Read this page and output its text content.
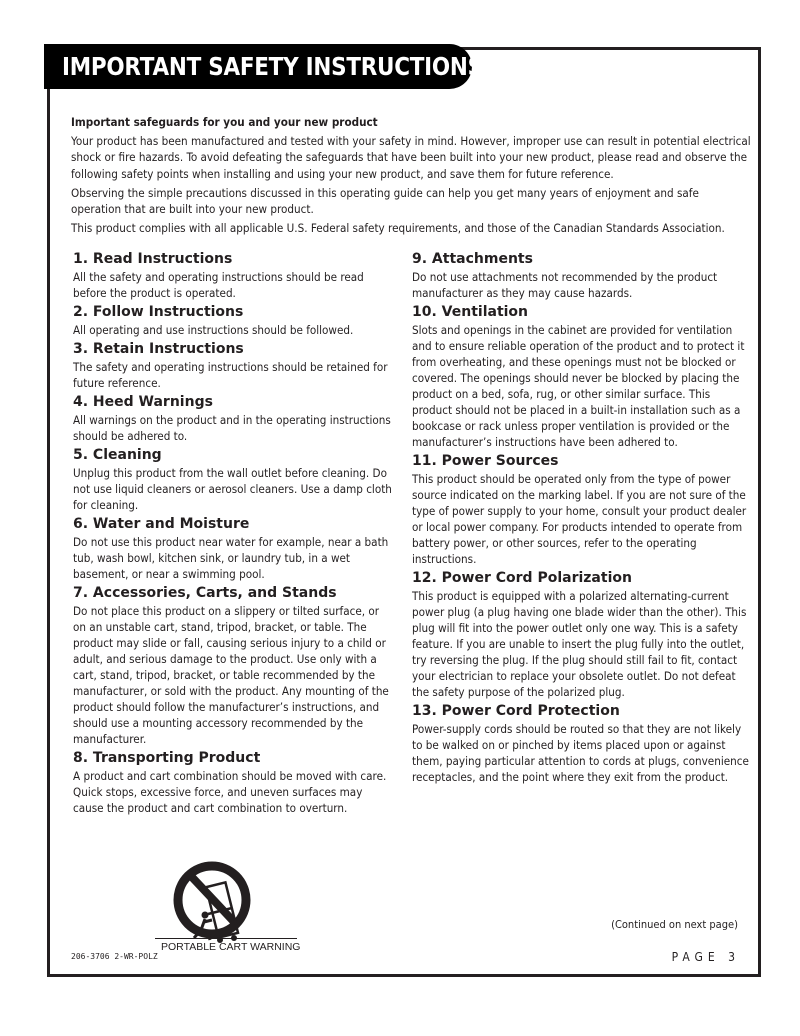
IMPORTANT SAFETY INSTRUCTIONS
Important safeguards for you and your new product

Your product has been manufactured and tested with your safety in mind. However, improper use can result in potential electrical shock or fire hazards. To avoid defeating the safeguards that have been built into your new product, please read and observe the following safety points when installing and using your new product, and save them for future reference.

Observing the simple precautions discussed in this operating guide can help you get many years of enjoyment and safe operation that are built into your new product.

This product complies with all applicable U.S. Federal safety requirements, and those of the Canadian Standards Association.

1. Read Instructions

All the safety and operating instructions should be read before the product is operated.

2. Follow Instructions

All operating and use instructions should be followed.

3. Retain Instructions

The safety and operating instructions should be retained for future reference.

4. Heed Warnings

All warnings on the product and in the operating instructions should be adhered to.

5. Cleaning

Unplug this product from the wall outlet before cleaning. Do not use liquid cleaners or aerosol cleaners. Use a damp cloth for cleaning.

6. Water and Moisture

Do not use this product near water for example, near a bath tub, wash bowl, kitchen sink, or laundry tub, in a wet basement, or near a swimming pool.

7. Accessories, Carts, and Stands

Do not place this product on a slippery or tilted surface, or on an unstable cart, stand, tripod, bracket, or table. The product may slide or fall, causing serious injury to a child or adult, and serious damage to the product. Use only with a cart, stand, tripod, bracket, or table recommended by the manufacturer, or sold with the product. Any mounting of the product should follow the manufacturer’s instructions, and should use a mounting accessory recommended by the manufacturer.

8. Transporting Product

A product and cart combination should be moved with care. Quick stops, excessive force, and uneven surfaces may cause the product and cart combination to overturn.

9. Attachments

Do not use attachments not recommended by the product manufacturer as they may cause hazards.

10. Ventilation

Slots and openings in the cabinet are provided for ventilation and to ensure reliable operation of the product and to protect it from overheating, and these openings must not be blocked or covered. The openings should never be blocked by placing the product on a bed, sofa, rug, or other similar surface. This product should not be placed in a built-in installation such as a bookcase or rack unless proper ventilation is provided or the manufacturer’s instructions have been adhered to.

11. Power Sources

This product should be operated only from the type of power source indicated on the marking label. If you are not sure of the type of power supply to your home, consult your product dealer or local power company. For products intended to operate from battery power, or other sources, refer to the operating instructions.

12. Power Cord Polarization

This product is equipped with a polarized alternating-current power plug (a plug having one blade wider than the other). This plug will fit into the power outlet only one way. This is a safety feature. If you are unable to insert the plug fully into the outlet, try reversing the plug. If the plug should still fail to fit, contact your electrician to replace your obsolete outlet. Do not defeat the safety purpose of the polarized plug.

13. Power Cord Protection

Power-supply cords should be routed so that they are not likely to be walked on or pinched by items placed upon or against them, paying particular attention to cords at plugs, convenience receptacles, and the point where they exit from the product.

PORTABLE CART WARNING
206-3706 2-WR-POLZ
(Continued on next page)
PAGE 3
